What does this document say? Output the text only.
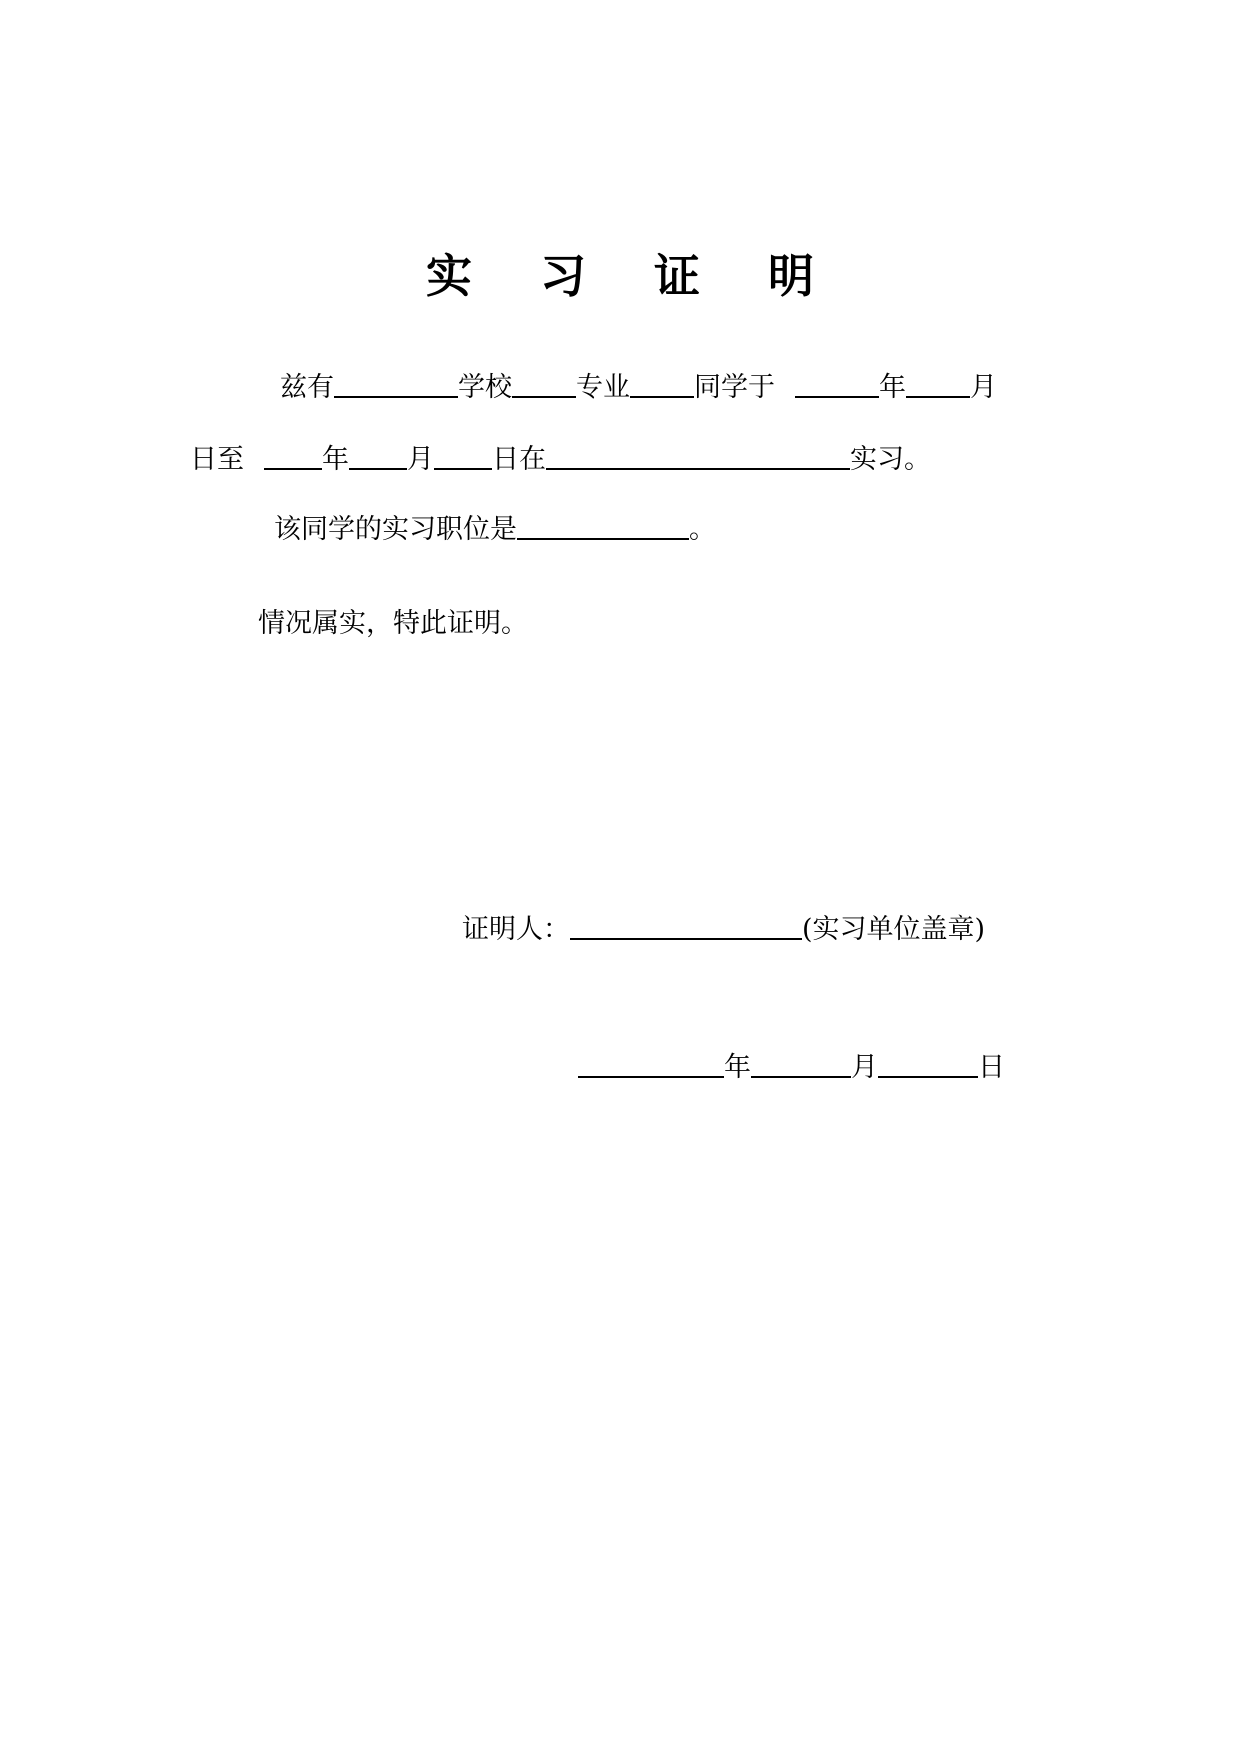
实 习 证 明
兹有	学校 专业 同学于	年 月
日至	年 月 日在	实习。
该同学的实习职位是	。
情况属实，特此证明。
证明人：	(实习单位盖章)
年	月	日
